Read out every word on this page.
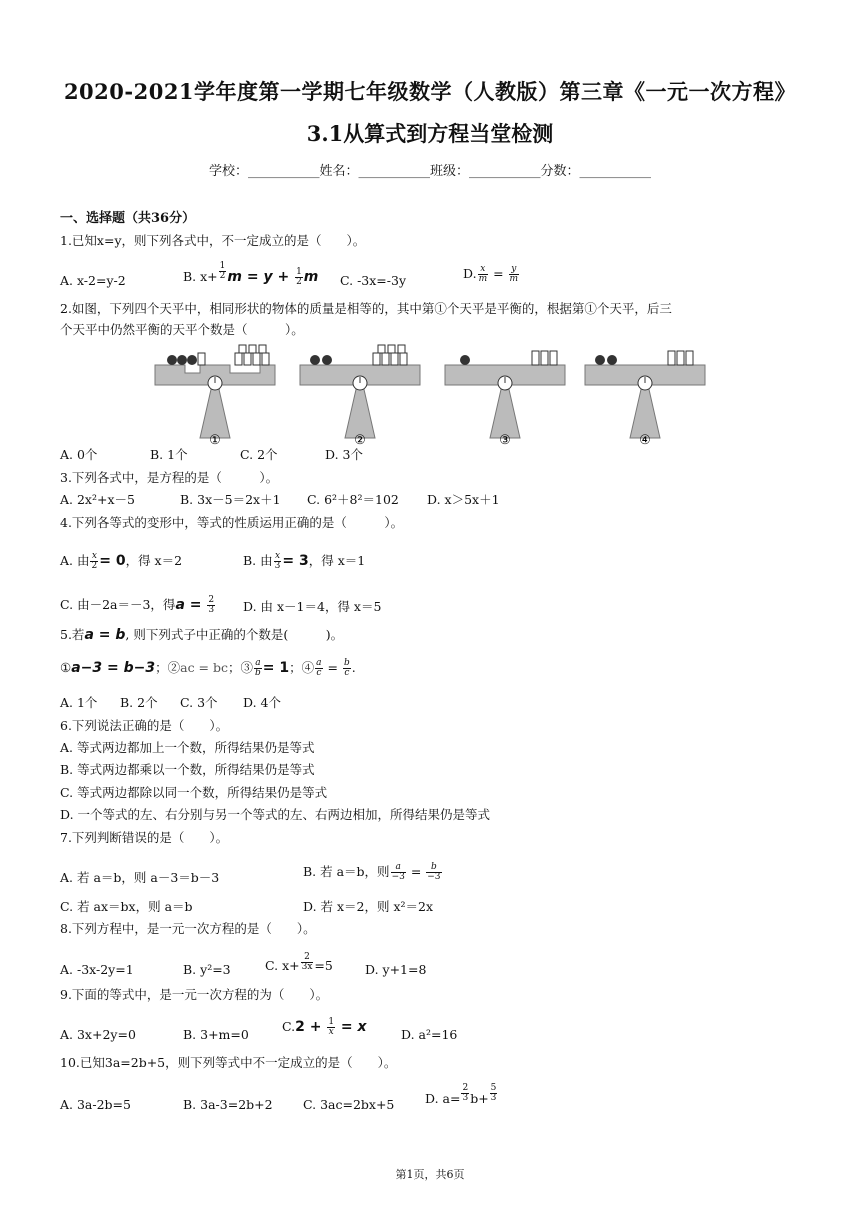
2020-2021学年度第一学期七年级数学（人教版）第三章《一元一次方程》
3.1从算式到方程当堂检测
学校：___________姓名：___________班级：___________分数：___________
一、选择题（共36分）
1.已知x=y，则下列各式中，不一定成立的是（　　）。
A. x-2=y-2	B. $x+ \frac{1}{2}$ $m = y + \frac{1}{2}$ m C. -3x=-3y	D. $\frac{x}{m} = \frac{y}{m}$
2.如图，下列四个天平中，相同形状的物体的质量是相等的，其中第①个天平是平衡的，根据第①个天平，后三
个天平中仍然平衡的天平个数是（　　　）。
①	②	③	④
A. 0个	B. 1个	C. 2个	D. 3个
3.下列各式中，是方程的是（　　　）。
A. 2x²+x－5	B. 3x－5＝2x＋1 C. 6²＋8²＝102 D. x＞5x＋1
4.下列各等式的变形中，等式的性质运用正确的是（　　　）。
A. 由 $\frac{x}{2} = 0$，得 x＝2	B. 由 $\frac{x}{3} = 3$，得 x＝1
C. 由－2a＝－3，得$a = \frac{2}{3} D$. 由 x－1＝4，得 x＝5
5.若a = b, 则下列式子中正确的个数是(　　　)。
①a−3 = b−3；②ac = bc；③ $\frac{a}{b} = 1$；④ $\frac{a}{c} = \frac{b}{c}$ .
A. 1个 B. 2个 C. 3个 D. 4个
6.下列说法正确的是（　　）。
A. 等式两边都加上一个数，所得结果仍是等式
B. 等式两边都乘以一个数，所得结果仍是等式
C. 等式两边都除以同一个数，所得结果仍是等式
D. 一个等式的左、右分别与另一个等式的左、右两边相加，所得结果仍是等式
7.下列判断错误的是（　　）。
A. 若 a＝b，则 a－3＝b－3	B. 若 a＝b，则 $\frac{a}{-3} = \frac{b}{-3}$
C. 若 ax＝bx，则 a＝b	D. 若 x＝2，则 x²＝2x
8.下列方程中，是一元一次方程的是（　　）。
A. -3x-2y=1	B. y²=3	C. $x+ \frac{2}{3x} =5$	D. y+1=8
9.下面的等式中，是一元一次方程的为（　　）。
A. 3x+2y=0	B. 3+m=0
$C.2 + \frac{1}{x} = x$	D. a²=16
10.已知3a=2b+5，则下列等式中不一定成立的是（　　）。
A. 3a-2b=5	B. 3a-3=2b+2 C. 3ac=2bx+5 D. $a= \frac{2}{3} b+ \frac{5}{3}$
第1页，共6页
